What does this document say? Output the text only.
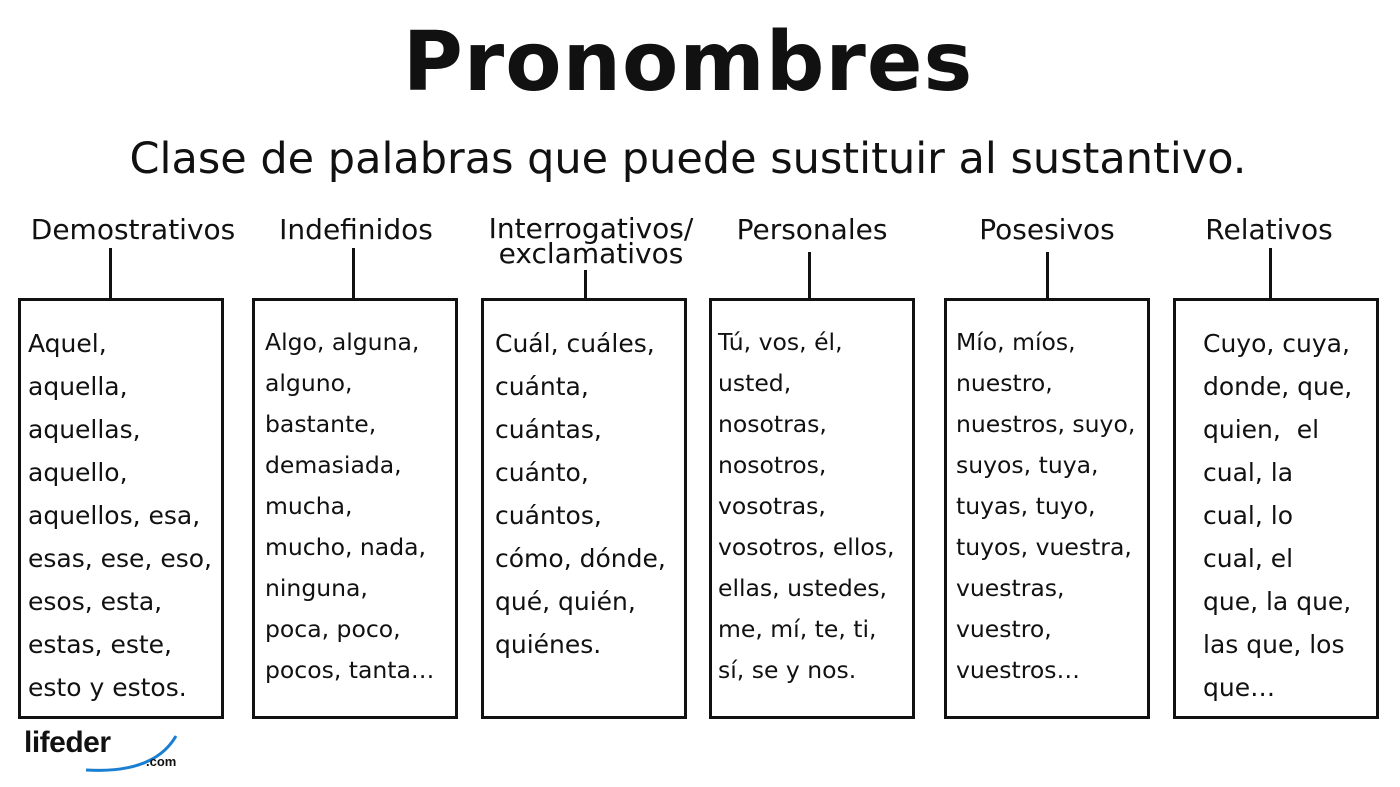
Pronombres
Clase de palabras que puede sustituir al sustantivo.
Demostrativos
Aquel,
aquella,
aquellas,
aquello,
aquellos, esa,
esas, ese, eso,
esos, esta,
estas, este,
esto y estos.
Indefinidos
Algo, alguna,
alguno,
bastante,
demasiada,
mucha,
mucho, nada,
ninguna,
poca, poco,
pocos, tanta…
Interrogativos/
exclamativos
Cuál, cuáles,
cuánta,
cuántas,
cuánto,
cuántos,
cómo, dónde,
qué, quién,
quiénes.
Personales
Tú, vos, él,
usted,
nosotras,
nosotros,
vosotras,
vosotros, ellos,
ellas, ustedes,
me, mí, te, ti,
sí, se y nos.
Posesivos
Mío, míos,
nuestro,
nuestros, suyo,
suyos, tuya,
tuyas, tuyo,
tuyos, vuestra,
vuestras,
vuestro,
vuestros…
Relativos
Cuyo, cuya,
donde, que,
quien,  el
cual, la
cual, lo
cual, el
que, la que,
las que, los
que…
lifeder
.com
